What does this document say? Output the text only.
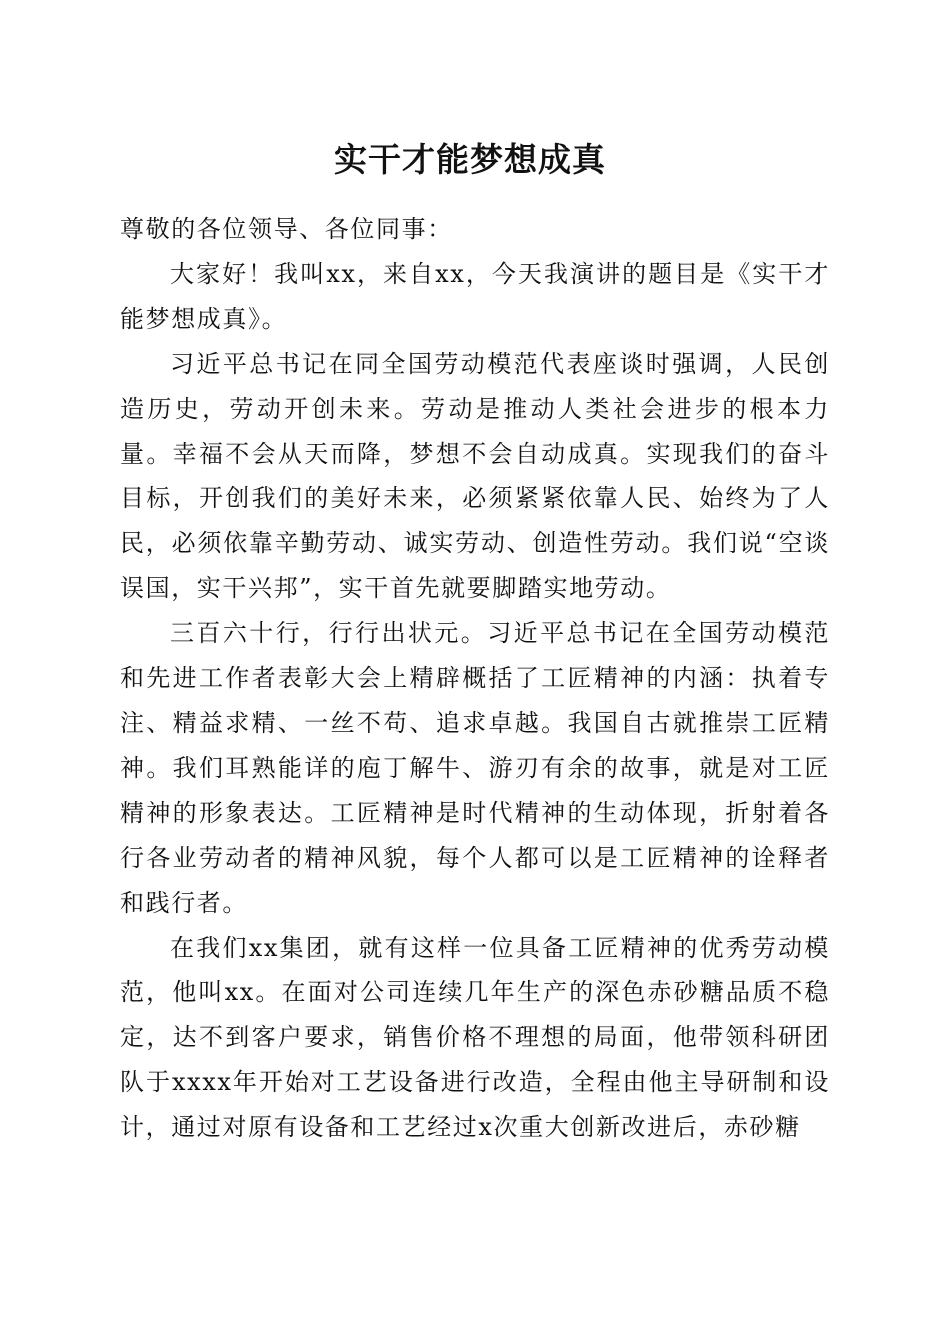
实干才能梦想成真

尊敬的各位领导、各位同事：

大家好！我叫xx，来自xx，今天我演讲的题目是《实干才能梦想成真》。

习近平总书记在同全国劳动模范代表座谈时强调，人民创造历史，劳动开创未来。劳动是推动人类社会进步的根本力量。幸福不会从天而降，梦想不会自动成真。实现我们的奋斗目标，开创我们的美好未来，必须紧紧依靠人民、始终为了人民，必须依靠辛勤劳动、诚实劳动、创造性劳动。我们说“空谈误国，实干兴邦”，实干首先就要脚踏实地劳动。

三百六十行，行行出状元。习近平总书记在全国劳动模范和先进工作者表彰大会上精辟概括了工匠精神的内涵：执着专注、精益求精、一丝不苟、追求卓越。我国自古就推崇工匠精神。我们耳熟能详的庖丁解牛、游刃有余的故事，就是对工匠精神的形象表达。工匠精神是时代精神的生动体现，折射着各行各业劳动者的精神风貌，每个人都可以是工匠精神的诠释者和践行者。

在我们xx集团，就有这样一位具备工匠精神的优秀劳动模范，他叫xx。在面对公司连续几年生产的深色赤砂糖品质不稳定，达不到客户要求，销售价格不理想的局面，他带领科研团队于xxxx年开始对工艺设备进行改造，全程由他主导研制和设计，通过对原有设备和工艺经过x次重大创新改进后，赤砂糖
